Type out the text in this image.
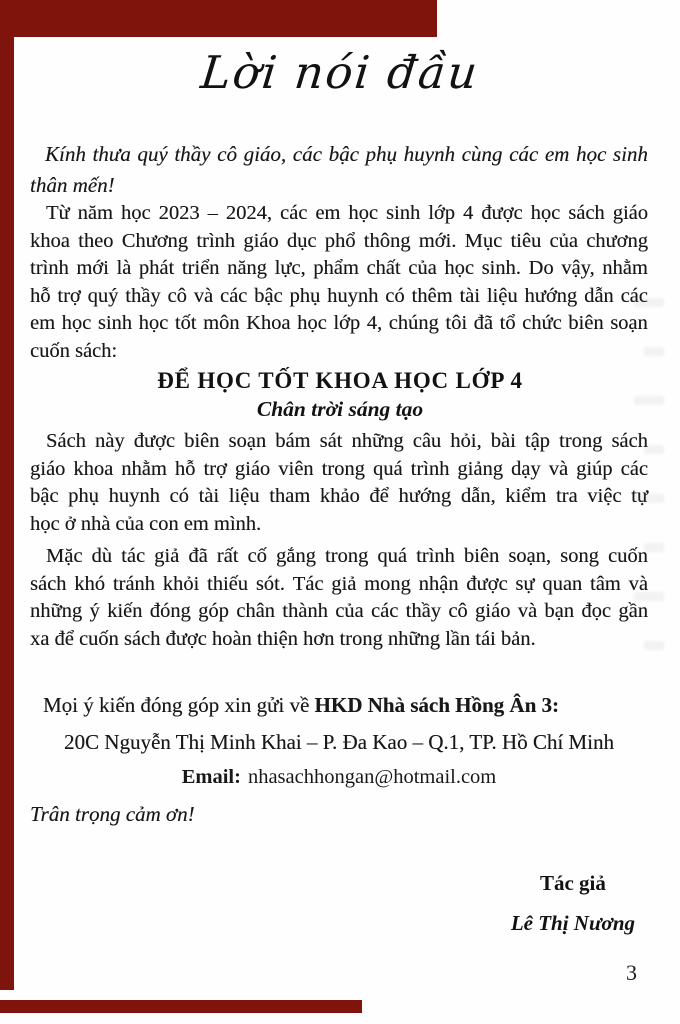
Lời nói đầu
Kính thưa quý thầy cô giáo, các bậc phụ huynh cùng các em học sinh
thân mến!
Từ năm học 2023 – 2024, các em học sinh lớp 4 được học sách giáo
khoa theo Chương trình giáo dục phổ thông mới. Mục tiêu của chương
trình mới là phát triển năng lực, phẩm chất của học sinh. Do vậy, nhằm
hỗ trợ quý thầy cô và các bậc phụ huynh có thêm tài liệu hướng dẫn các
em học sinh học tốt môn Khoa học lớp 4, chúng tôi đã tổ chức biên soạn
cuốn sách:
ĐỂ HỌC TỐT KHOA HỌC LỚP 4
Chân trời sáng tạo
Sách này được biên soạn bám sát những câu hỏi, bài tập trong sách
giáo khoa nhằm hỗ trợ giáo viên trong quá trình giảng dạy và giúp các
bậc phụ huynh có tài liệu tham khảo để hướng dẫn, kiểm tra việc tự
học ở nhà của con em mình.
Mặc dù tác giả đã rất cố gắng trong quá trình biên soạn, song cuốn
sách khó tránh khỏi thiếu sót. Tác giả mong nhận được sự quan tâm và
những ý kiến đóng góp chân thành của các thầy cô giáo và bạn đọc gần
xa để cuốn sách được hoàn thiện hơn trong những lần tái bản.
Mọi ý kiến đóng góp xin gửi về HKD Nhà sách Hồng Ân 3:
20C Nguyễn Thị Minh Khai – P. Đa Kao – Q.1, TP. Hồ Chí Minh
Email: nhasachhongan@hotmail.com
Trân trọng cảm ơn!
Tác giả
Lê Thị Nương
3
